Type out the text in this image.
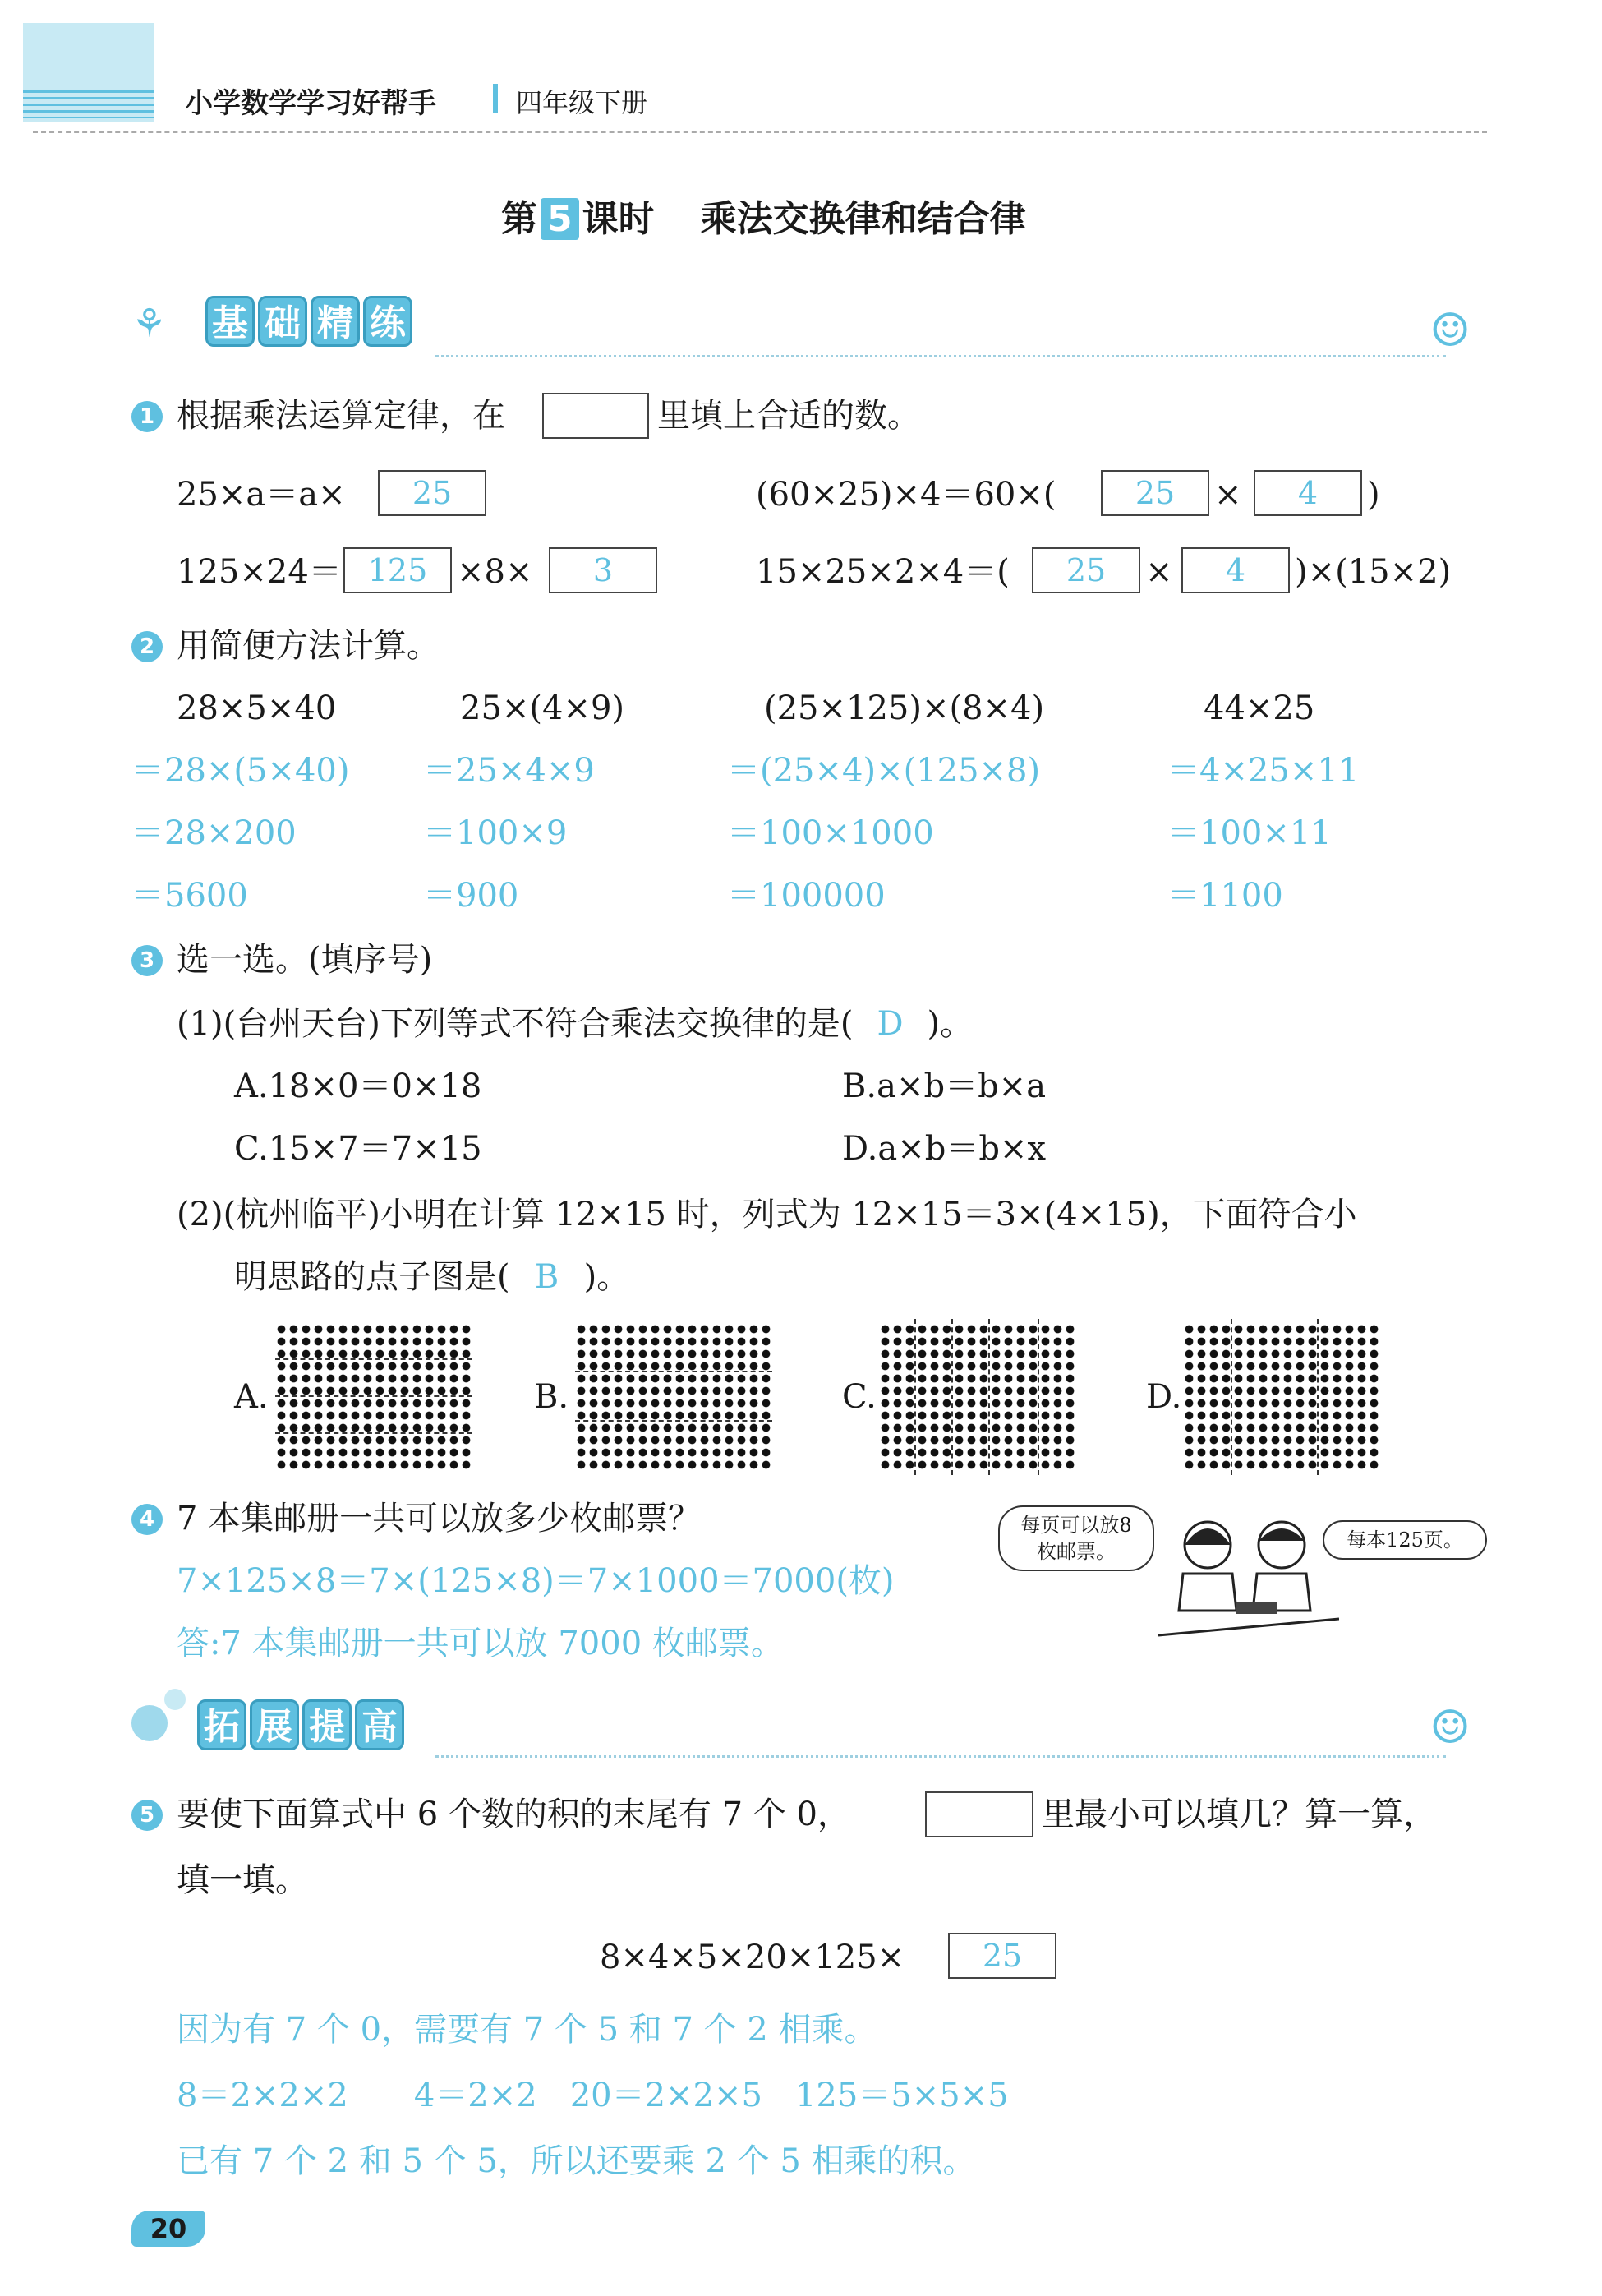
小学数学学习好帮手	四年级下册
第 5 课时 乘法交换律和结合律
⚘ 基 础 精 练	☺
1 根据乘法运算定律，在	里填上合适的数。
25×a＝a×	25	(60×25)×4＝60×(	25	×	4	)
125×24＝ 125 ×8×	3	15×25×2×4＝(	25	×	4	)×(15×2)
2 用简便方法计算。
28×5×40
＝28×(5×40)
＝28×200
＝5600
25×(4×9)
＝25×4×9
＝100×9
＝900
(25×125)×(8×4)
＝(25×4)×(125×8)
＝100×1000
＝100000
44×25
＝4×25×11
＝100×11
＝1100
3 选一选。(填序号)
(1)(台州天台)下列等式不符合乘法交换律的是( D )。
A.18×0＝0×18	B.a×b＝b×a
C.15×7＝7×15	D.a×b＝b×x
(2)(杭州临平)小明在计算 12×15 时，列式为 12×15＝3×(4×15)，下面符合小
明思路的点子图是( B )。
A.	B.	C.	D.
4 7 本集邮册一共可以放多少枚邮票？
7×125×8＝7×(125×8)＝7×1000＝7000(枚)
答:7 本集邮册一共可以放 7000 枚邮票。
每页可以放8枚邮票。	每本125页。
拓 展 提 高	☺
5 要使下面算式中 6 个数的积的末尾有 7 个 0，	里最小可以填几？算一算，
填一填。
8×4×5×20×125×	25
因为有 7 个 0，需要有 7 个 5 和 7 个 2 相乘。
8＝2×2×2　　4＝2×2　20＝2×2×5　125＝5×5×5
已有 7 个 2 和 5 个 5，所以还要乘 2 个 5 相乘的积。
20
